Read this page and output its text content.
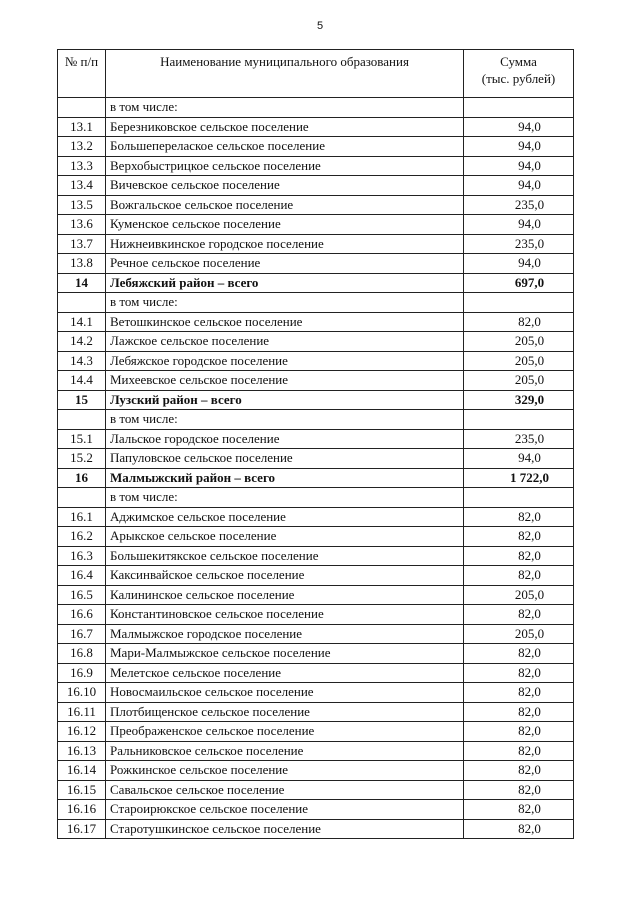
5
№ п/п	Наименование муниципального образования	Сумма
(тыс. рублей)

	в том числе:	
13.1	Березниковское сельское поселение	94,0
13.2	Большеперелаское сельское поселение	94,0
13.3	Верхобыстрицкое сельское поселение	94,0
13.4	Вичевское сельское поселение	94,0
13.5	Вожгальское сельское поселение	235,0
13.6	Куменское сельское поселение	94,0
13.7	Нижнеивкинское городское поселение	235,0
13.8	Речное сельское поселение	94,0
14	Лебяжский район – всего	697,0
	в том числе:	
14.1	Ветошкинское сельское поселение	82,0
14.2	Лажское сельское поселение	205,0
14.3	Лебяжское городское поселение	205,0
14.4	Михеевское сельское поселение	205,0
15	Лузский район – всего	329,0
	в том числе:	
15.1	Лальское городское поселение	235,0
15.2	Папуловское сельское поселение	94,0
16	Малмыжский район – всего	1 722,0
	в том числе:	
16.1	Аджимское сельское поселение	82,0
16.2	Арыкское сельское поселение	82,0
16.3	Большекитякское сельское поселение	82,0
16.4	Каксинвайское сельское поселение	82,0
16.5	Калининское сельское поселение	205,0
16.6	Константиновское сельское поселение	82,0
16.7	Малмыжское городское поселение	205,0
16.8	Мари-Малмыжское сельское поселение	82,0
16.9	Мелетское сельское поселение	82,0
16.10	Новосмаильское сельское поселение	82,0
16.11	Плотбищенское сельское поселение	82,0
16.12	Преображенское сельское поселение	82,0
16.13	Ральниковское сельское поселение	82,0
16.14	Рожкинское сельское поселение	82,0
16.15	Савальское сельское поселение	82,0
16.16	Староирюкское сельское поселение	82,0
16.17	Старотушкинское сельское поселение	82,0
